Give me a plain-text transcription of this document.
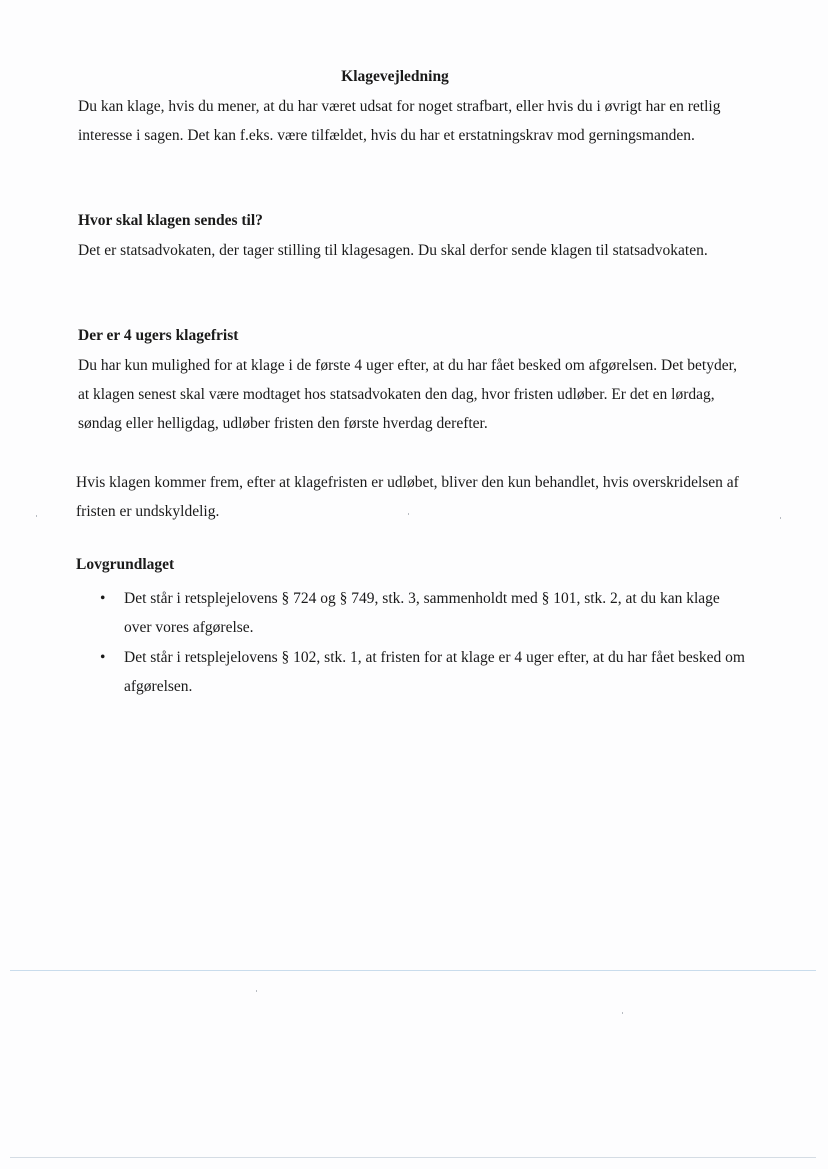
Klagevejledning

Du kan klage, hvis du mener, at du har været udsat for noget strafbart, eller hvis du i øvrigt har en retlig interesse i sagen. Det kan f.eks. være tilfældet, hvis du har et erstatningskrav mod gerningsmanden.

Hvor skal klagen sendes til?

Det er statsadvokaten, der tager stilling til klagesagen. Du skal derfor sende klagen til statsadvokaten.

Der er 4 ugers klagefrist

Du har kun mulighed for at klage i de første 4 uger efter, at du har fået besked om afgørelsen. Det betyder, at klagen senest skal være modtaget hos statsadvokaten den dag, hvor fristen udløber. Er det en lørdag, søndag eller helligdag, udløber fristen den første hverdag derefter.

Hvis klagen kommer frem, efter at klagefristen er udløbet, bliver den kun behandlet, hvis overskridelsen af fristen er undskyldelig.

Lovgrundlaget
• Det står i retsplejelovens § 724 og § 749, stk. 3, sammenholdt med § 101, stk. 2, at du kan klage over vores afgørelse.
• Det står i retsplejelovens § 102, stk. 1, at fristen for at klage er 4 uger efter, at du har fået besked om afgørelsen.
